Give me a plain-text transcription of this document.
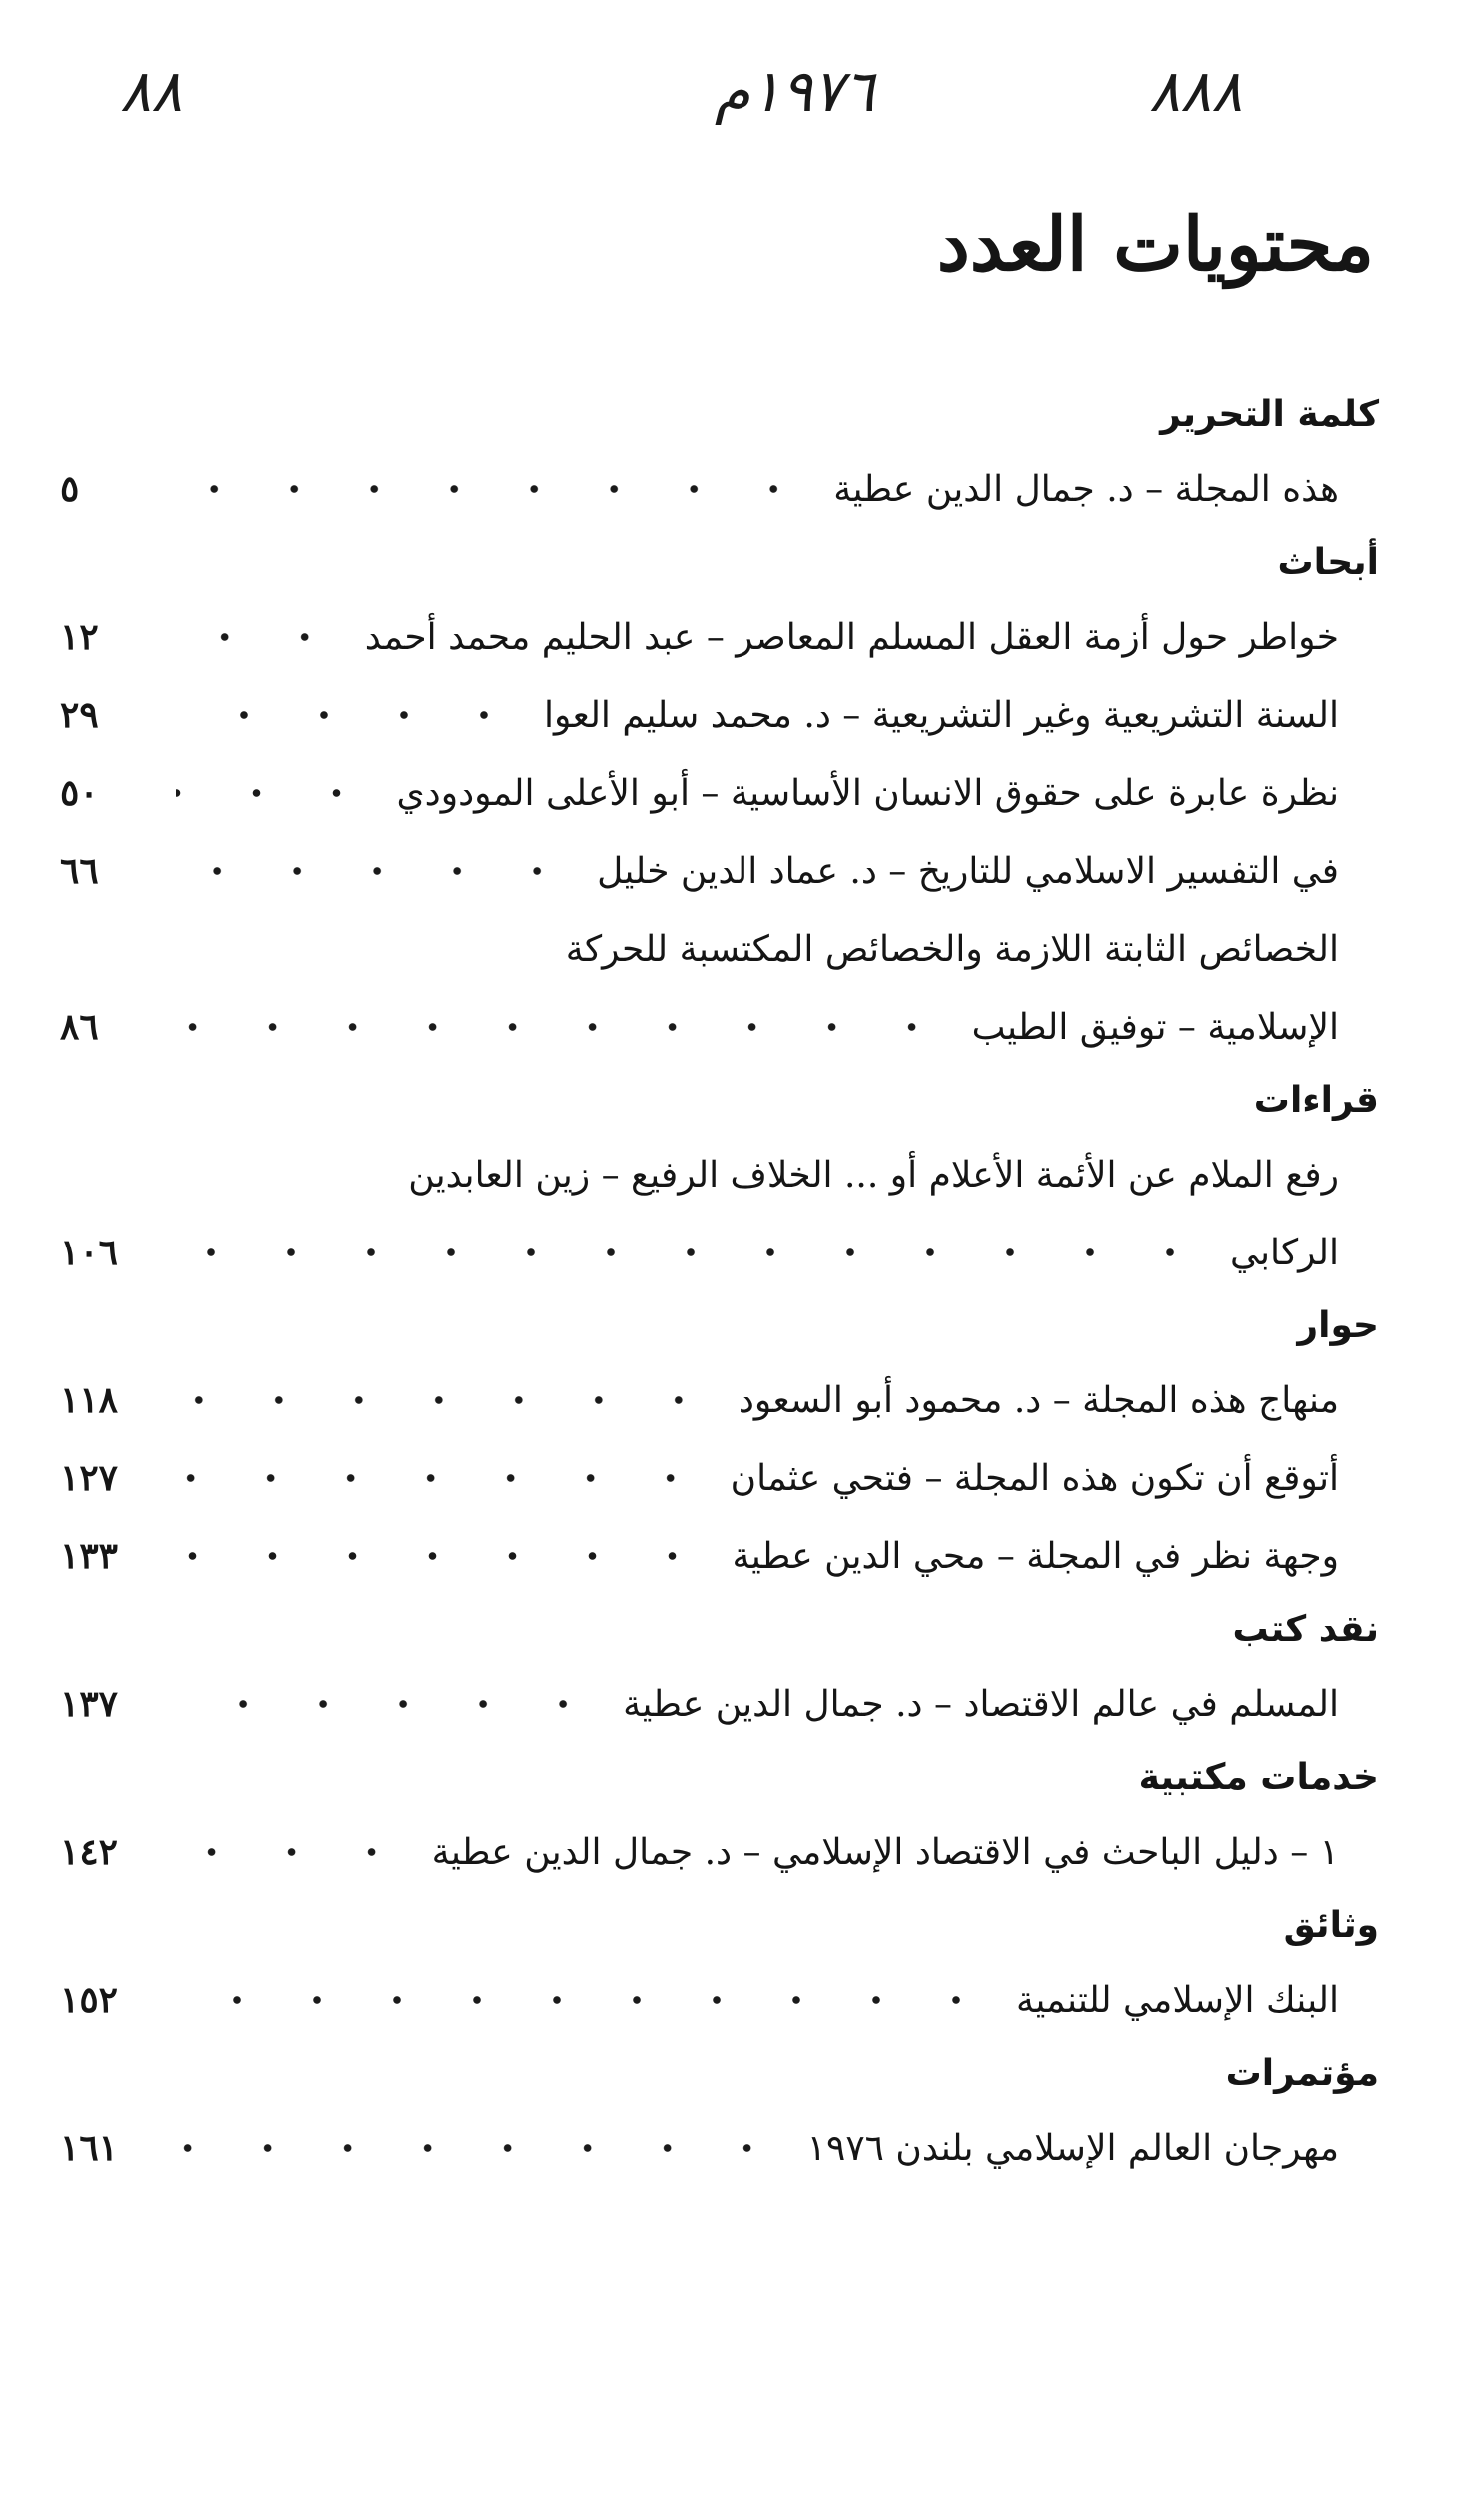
٨٨٨
١٩٧٦م
٨٨
محتويات العدد
كلمة التحرير
هذه المجلة – د. جمال الدين عطية
٥
أبحاث
خواطر حول أزمة العقل المسلم المعاصر – عبد الحليم محمد أحمد
١٢
السنة التشريعية وغير التشريعية – د. محمد سليم العوا
٢٩
نظرة عابرة على حقوق الانسان الأساسية – أبو الأعلى المودودي
٥٠
في التفسير الاسلامي للتاريخ – د. عماد الدين خليل
٦٦
الخصائص الثابتة اللازمة والخصائص المكتسبة للحركة
الإسلامية – توفيق الطيب
٨٦
قراءات
رفع الملام عن الأئمة الأعلام أو ... الخلاف الرفيع – زين العابدين
الركابي
١٠٦
حوار
منهاج هذه المجلة – د. محمود أبو السعود
١١٨
أتوقع أن تكون هذه المجلة – فتحي عثمان
١٢٧
وجهة نظر في المجلة – محي الدين عطية
١٣٣
نقد كتب
المسلم في عالم الاقتصاد – د. جمال الدين عطية
١٣٧
خدمات مكتبية
١ – دليل الباحث في الاقتصاد الإسلامي – د. جمال الدين عطية
١٤٢
وثائق
البنك الإسلامي للتنمية
١٥٢
مؤتمرات
مهرجان العالم الإسلامي بلندن ١٩٧٦
١٦١
